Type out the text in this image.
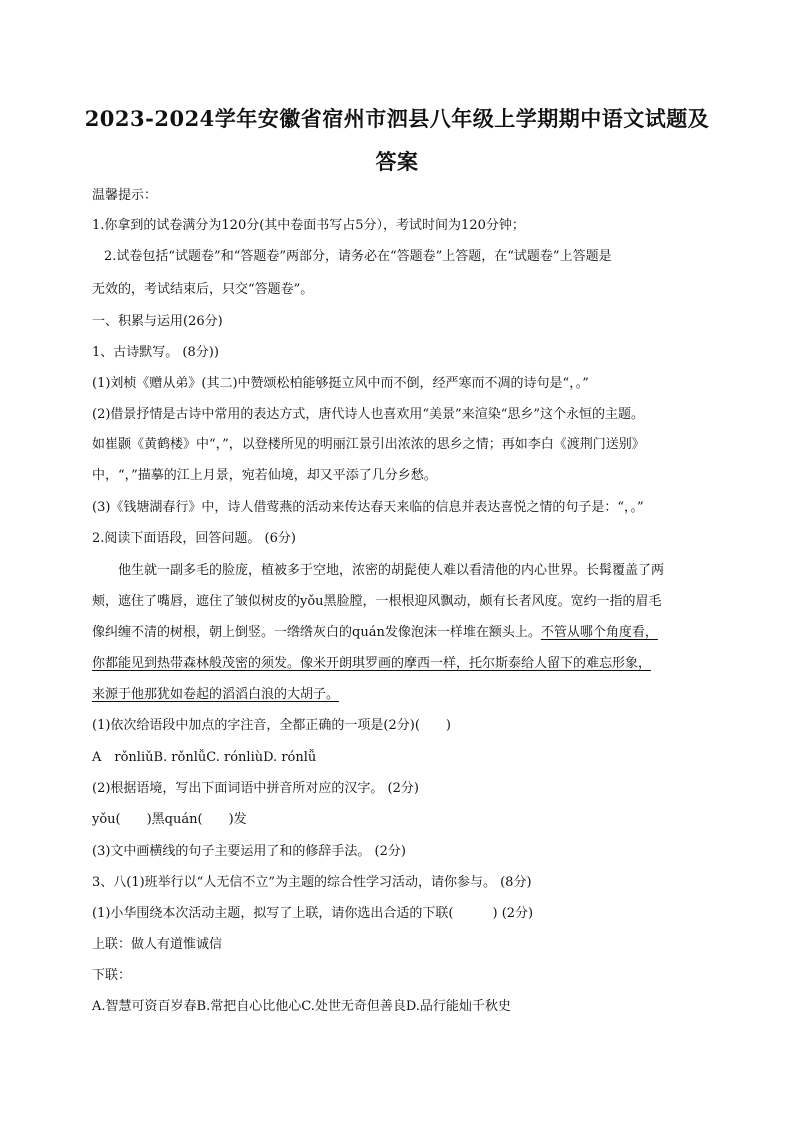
2023-2024学年安徽省宿州市泗县八年级上学期期中语文试题及
答案
温馨提示：
1.你拿到的试卷满分为120分(其中卷面书写占5分），考试时间为120分钟；
2.试卷包括“试题卷”和“答题卷”两部分，请务必在“答题卷”上答题，在“试题卷”上答题是
无效的，考试结束后，只交“答题卷”。
一、积累与运用(26分)
1、古诗默写。 (8分))
(1)刘桢《赠从弟》(其二)中赞颂松柏能够挺立风中而不倒，经严寒而不凋的诗句是“，。”
(2)借景抒情是古诗中常用的表达方式，唐代诗人也喜欢用“美景”来渲染“思乡”这个永恒的主题。
如崔颢《黄鹤楼》中“，”，以登楼所见的明丽江景引出浓浓的思乡之情；再如李白《渡荆门送别》
中，“，”描摹的江上月景，宛若仙境，却又平添了几分乡愁。
(3)《钱塘湖春行》中，诗人借莺燕的活动来传达春天来临的信息并表达喜悦之情的句子是：“，。”
2.阅读下面语段，回答问题。 (6分)
他生就一副多毛的脸庞，植被多于空地，浓密的胡髭使人难以看清他的内心世界。长髯覆盖了两
颊，遮住了嘴唇，遮住了皱似树皮的yǒu黑脸膛，一根根迎风飘动，颇有长者风度。宽约一指的眉毛
像纠缠不清的树根，朝上倒竖。一绺绺灰白的quán发像泡沫一样堆在额头上。不管从哪个角度看，
你都能见到热带森林般茂密的须发。像米开朗琪罗画的摩西一样，托尔斯泰给人留下的难忘形象，
来源于他那犹如卷起的滔滔白浪的大胡子。
(1)依次给语段中加点的字注音，全都正确的一项是(2分)(　　)
A　rǒnliǔB. rǒnlǚC. rónliùD. rónlǚ
(2)根据语境，写出下面词语中拼音所对应的汉字。 (2分)
yǒu(　　)黑quán(　　)发
(3)文中画横线的句子主要运用了和的修辞手法。 (2分)
3、八(1)班举行以“人无信不立”为主题的综合性学习活动，请你参与。 (8分)
(1)小华围绕本次活动主题，拟写了上联，请你选出合适的下联(　　　) (2分)
上联：做人有道惟诚信
下联：
A.智慧可资百岁春B.常把自心比他心C.处世无奇但善良D.品行能灿千秋史
